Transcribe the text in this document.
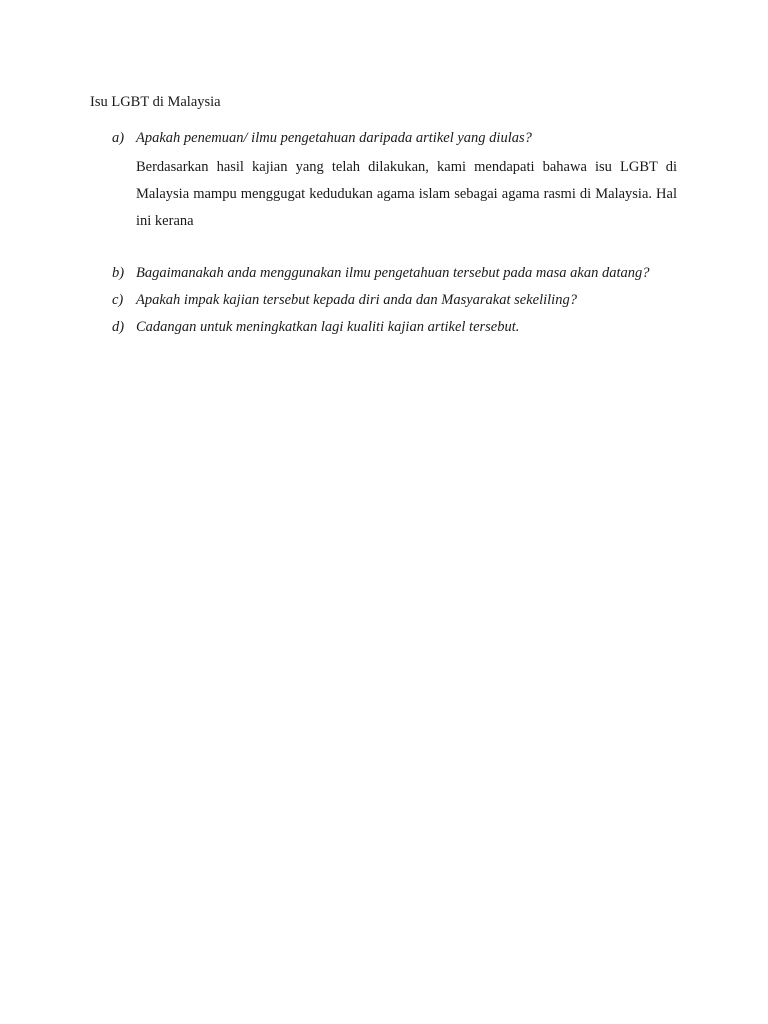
Isu LGBT di Malaysia
a) Apakah penemuan/ ilmu pengetahuan daripada artikel yang diulas?

Berdasarkan hasil kajian yang telah dilakukan, kami mendapati bahawa isu LGBT di Malaysia mampu menggugat kedudukan agama islam sebagai agama rasmi di Malaysia. Hal ini kerana

b) Bagaimanakah anda menggunakan ilmu pengetahuan tersebut pada masa akan datang?
c) Apakah impak kajian tersebut kepada diri anda dan Masyarakat sekeliling?
d) Cadangan untuk meningkatkan lagi kualiti kajian artikel tersebut.
